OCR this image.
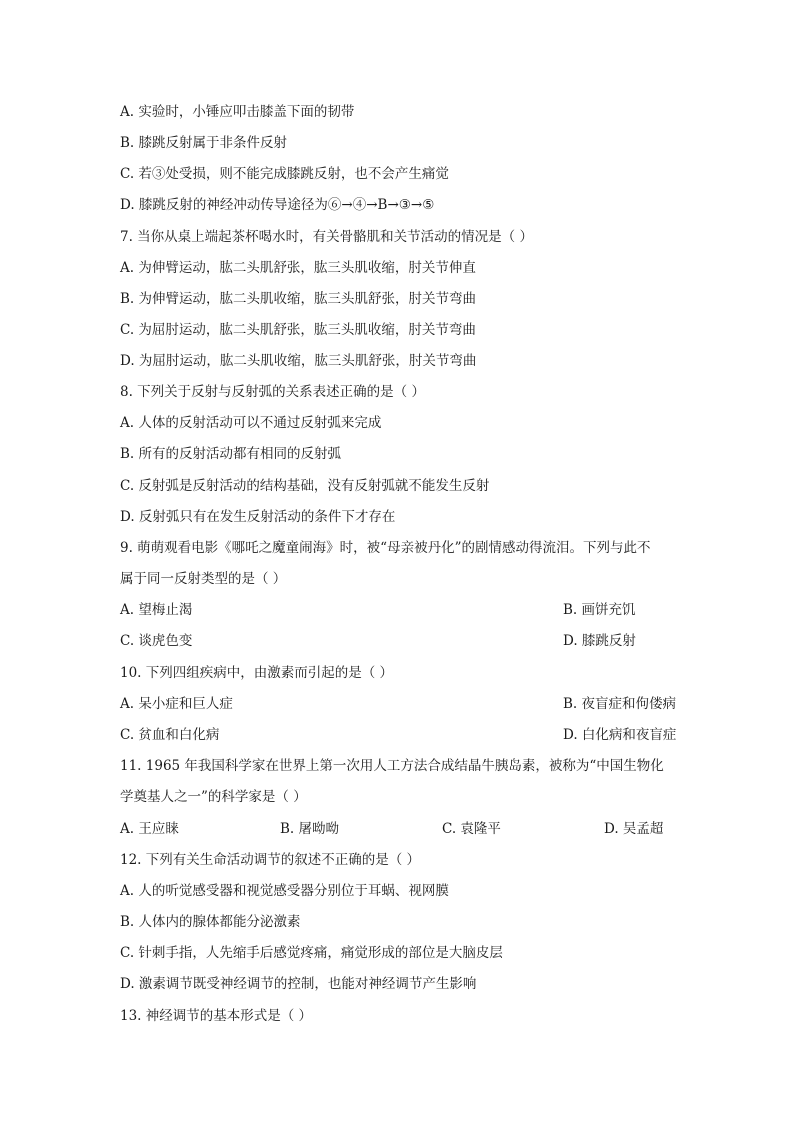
A. 实验时，小锤应叩击膝盖下面的韧带
B. 膝跳反射属于非条件反射
C. 若③处受损，则不能完成膝跳反射，也不会产生痛觉
D. 膝跳反射的神经冲动传导途径为⑥→④→B→③→⑤
7. 当你从桌上端起茶杯喝水时，有关骨骼肌和关节活动的情况是（ ）
A. 为伸臂运动，肱二头肌舒张，肱三头肌收缩，肘关节伸直
B. 为伸臂运动，肱二头肌收缩，肱三头肌舒张，肘关节弯曲
C. 为屈肘运动，肱二头肌舒张，肱三头肌收缩，肘关节弯曲
D. 为屈肘运动，肱二头肌收缩，肱三头肌舒张，肘关节弯曲
8. 下列关于反射与反射弧的关系表述正确的是（ ）
A. 人体的反射活动可以不通过反射弧来完成
B. 所有的反射活动都有相同的反射弧
C. 反射弧是反射活动的结构基础，没有反射弧就不能发生反射
D. 反射弧只有在发生反射活动的条件下才存在
9. 萌萌观看电影《哪吒之魔童闹海》时，被“母亲被丹化”的剧情感动得流泪。下列与此不
属于同一反射类型的是（ ）
A. 望梅止渴	B. 画饼充饥
C. 谈虎色变	D. 膝跳反射
10. 下列四组疾病中，由激素而引起的是（ ）
A. 呆小症和巨人症	B. 夜盲症和佝偻病
C. 贫血和白化病	D. 白化病和夜盲症
11. 1965 年我国科学家在世界上第一次用人工方法合成结晶牛胰岛素，被称为“中国生物化
学奠基人之一”的科学家是（ ）
A. 王应睐	B. 屠呦呦	C. 袁隆平	D. 吴孟超
12. 下列有关生命活动调节的叙述不正确的是（ ）
A. 人的听觉感受器和视觉感受器分别位于耳蜗、视网膜
B. 人体内的腺体都能分泌激素
C. 针刺手指，人先缩手后感觉疼痛，痛觉形成的部位是大脑皮层
D. 激素调节既受神经调节的控制，也能对神经调节产生影响
13. 神经调节的基本形式是（ ）
